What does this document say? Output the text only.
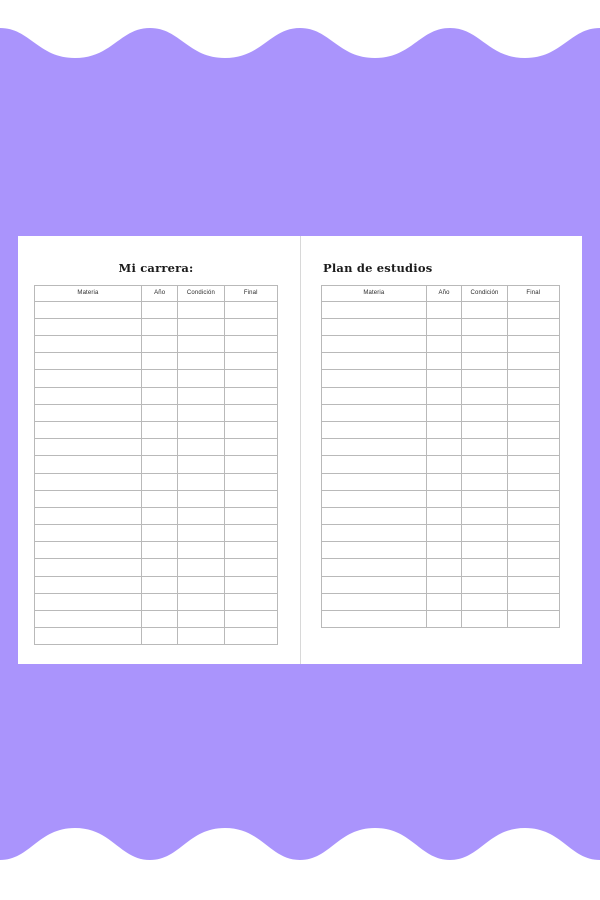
Mi carrera:
Materia	Año	Condición	Final

Plan de estudios
Materia	Año	Condición	Final
